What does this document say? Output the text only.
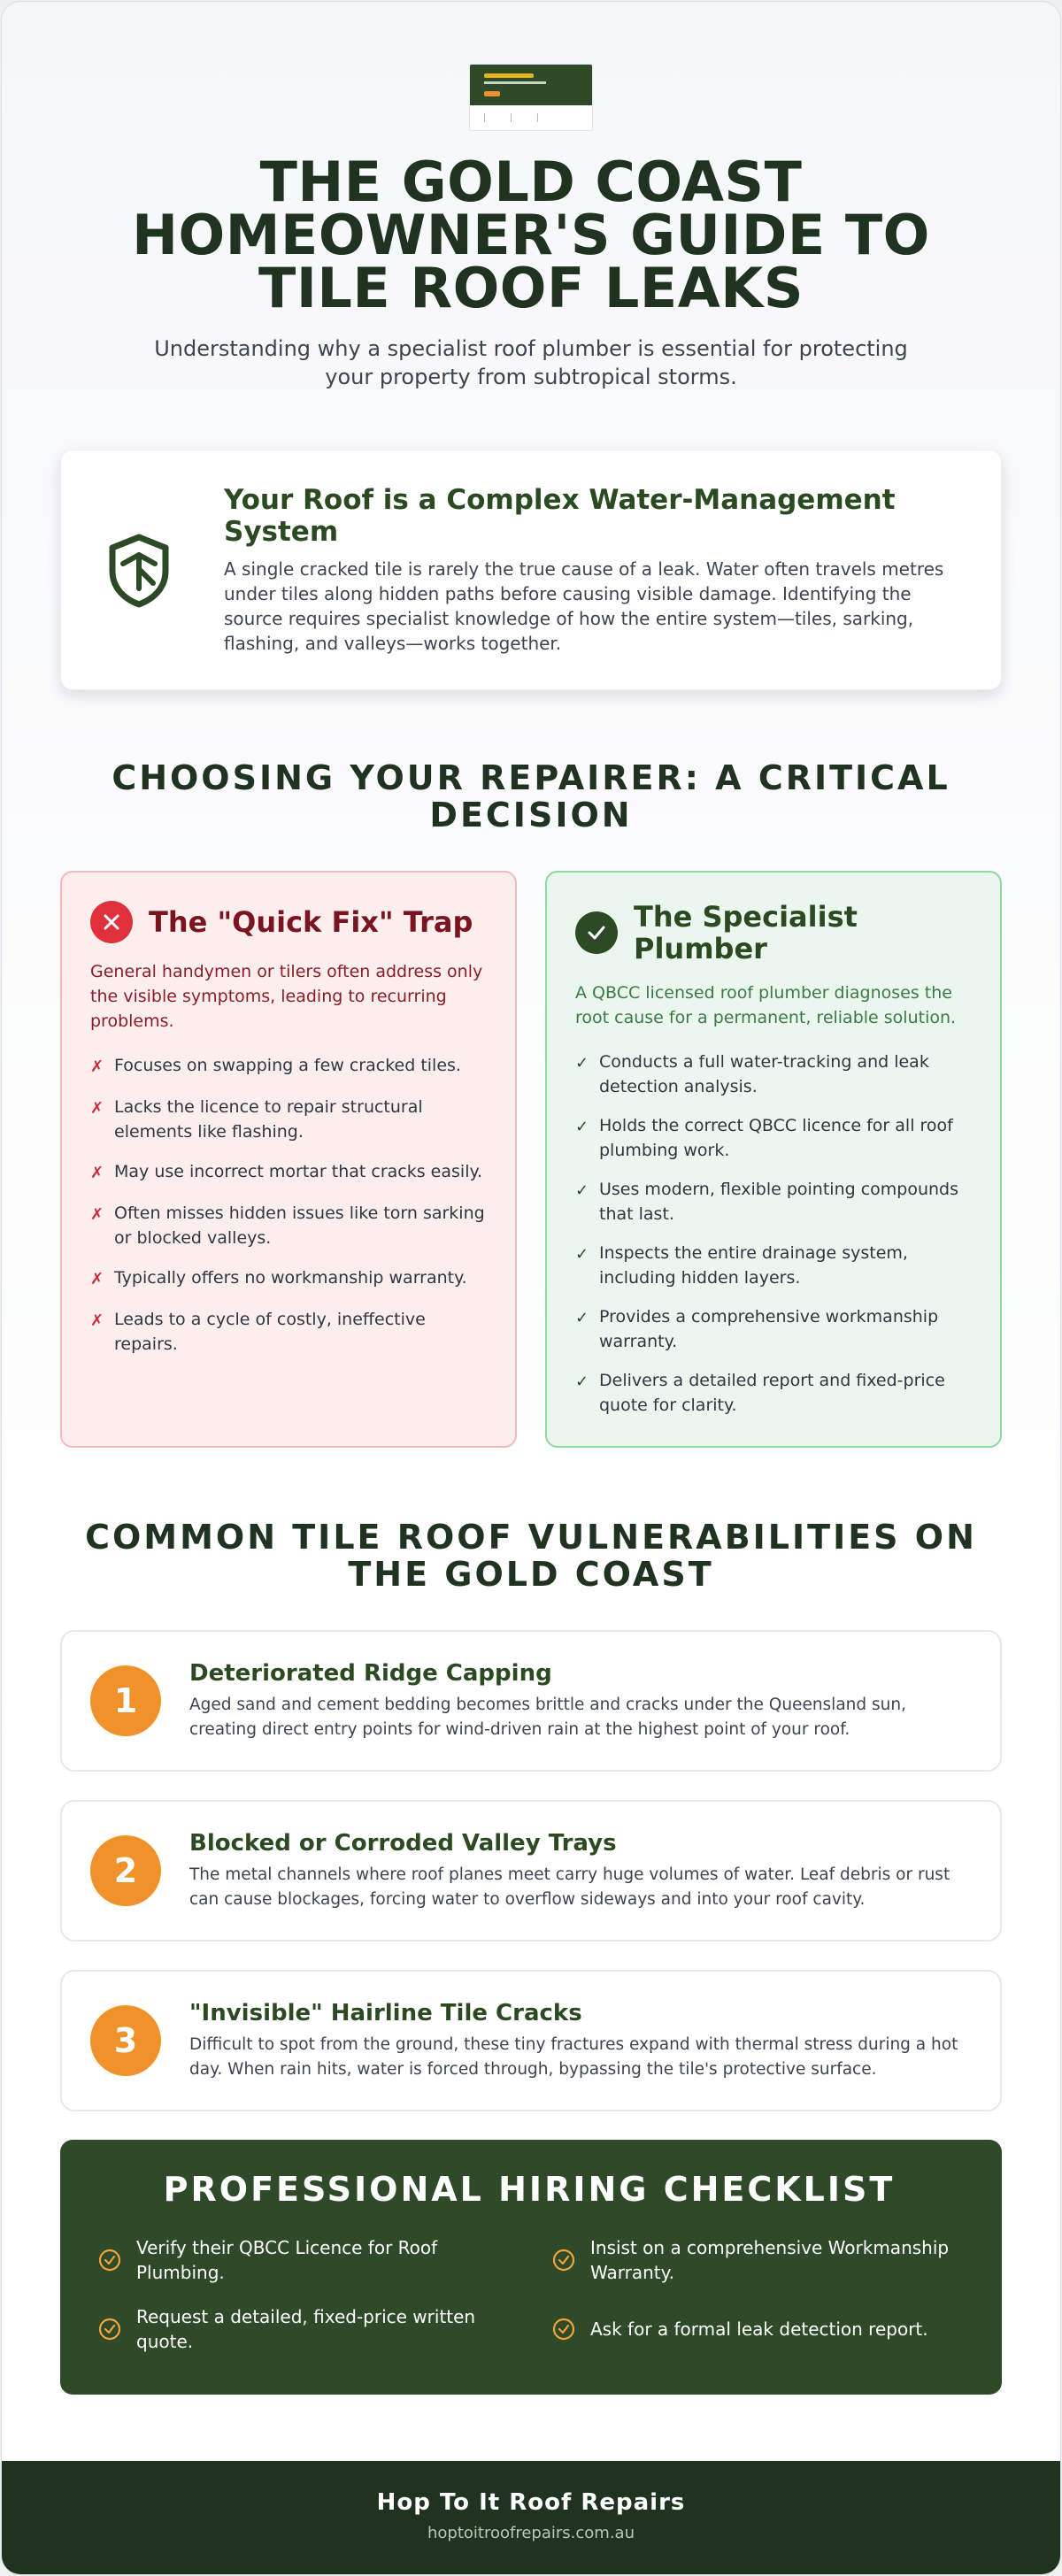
THE GOLD COAST HOMEOWNER'S GUIDE TO TILE ROOF LEAKS

Understanding why a specialist roof plumber is essential for protecting your property from subtropical storms.

Your Roof is a Complex Water-Management System

A single cracked tile is rarely the true cause of a leak. Water often travels metres under tiles along hidden paths before causing visible damage. Identifying the source requires specialist knowledge of how the entire system—tiles, sarking, flashing, and valleys—works together.

CHOOSING YOUR REPAIRER: A CRITICAL DECISION
The "Quick Fix" Trap

General handymen or tilers often address only the visible symptoms, leading to recurring problems.

✗ Focuses on swapping a few cracked tiles.
✗ Lacks the licence to repair structural elements like flashing.
✗ May use incorrect mortar that cracks easily.
✗ Often misses hidden issues like torn sarking or blocked valleys.
✗ Typically offers no workmanship warranty.
✗ Leads to a cycle of costly, ineffective repairs.
The Specialist Plumber

A QBCC licensed roof plumber diagnoses the root cause for a permanent, reliable solution.

✓ Conducts a full water-tracking and leak detection analysis.
✓ Holds the correct QBCC licence for all roof plumbing work.
✓ Uses modern, flexible pointing compounds that last.
✓ Inspects the entire drainage system, including hidden layers.
✓ Provides a comprehensive workmanship warranty.
✓ Delivers a detailed report and fixed-price quote for clarity.
COMMON TILE ROOF VULNERABILITIES ON THE GOLD COAST
1
Deteriorated Ridge Capping

Aged sand and cement bedding becomes brittle and cracks under the Queensland sun, creating direct entry points for wind-driven rain at the highest point of your roof.

2
Blocked or Corroded Valley Trays

The metal channels where roof planes meet carry huge volumes of water. Leaf debris or rust can cause blockages, forcing water to overflow sideways and into your roof cavity.

3
"Invisible" Hairline Tile Cracks

Difficult to spot from the ground, these tiny fractures expand with thermal stress during a hot day. When rain hits, water is forced through, bypassing the tile's protective surface.

PROFESSIONAL HIRING CHECKLIST
Verify their QBCC Licence for Roof Plumbing.
Insist on a comprehensive Workmanship Warranty.
Request a detailed, fixed-price written quote.
Ask for a formal leak detection report.
Hop To It Roof Repairs
hoptoitroofrepairs.com.au
